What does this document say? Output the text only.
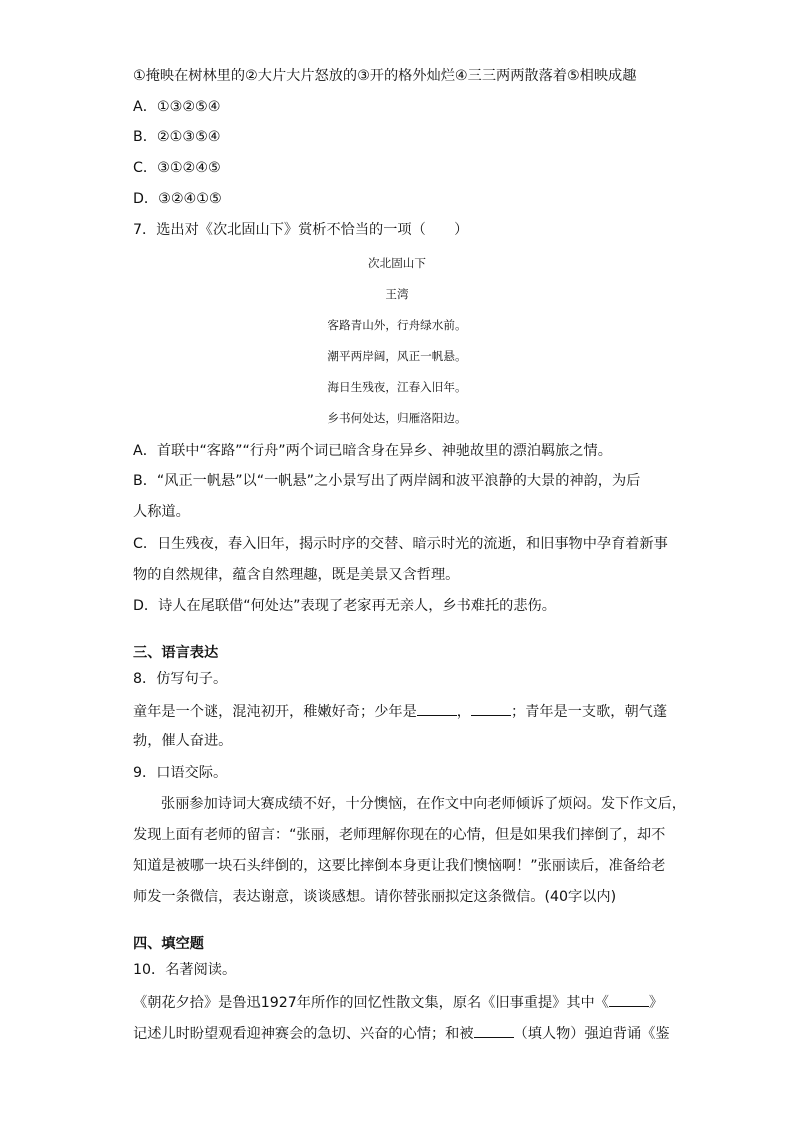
①掩映在树林里的②大片大片怒放的③开的格外灿烂④三三两两散落着⑤相映成趣
A．①③②⑤④
B．②①③⑤④
C．③①②④⑤
D．③②④①⑤
7．选出对《次北固山下》赏析不恰当的一项（　　）
次北固山下
王湾
客路青山外，行舟绿水前。
潮平两岸阔，风正一帆悬。
海日生残夜，江春入旧年。
乡书何处达，归雁洛阳边。
A．首联中“客路”“行舟”两个词已暗含身在异乡、神驰故里的漂泊羁旅之情。
B．“风正一帆悬”以“一帆悬”之小景写出了两岸阔和波平浪静的大景的神韵，为后
人称道。
C．日生残夜，春入旧年，揭示时序的交替、暗示时光的流逝，和旧事物中孕育着新事
物的自然规律，蕴含自然理趣，既是美景又含哲理。
D．诗人在尾联借“何处达”表现了老家再无亲人，乡书难托的悲伤。
三、语言表达
8．仿写句子。
童年是一个谜，混沌初开，稚嫩好奇；少年是	，	；青年是一支歌，朝气蓬
勃，催人奋进。
9．口语交际。
张丽参加诗词大赛成绩不好，十分懊恼，在作文中向老师倾诉了烦闷。发下作文后，
发现上面有老师的留言：“张丽，老师理解你现在的心情，但是如果我们摔倒了，却不
知道是被哪一块石头绊倒的，这要比摔倒本身更让我们懊恼啊！”张丽读后，准备给老
师发一条微信，表达谢意，谈谈感想。请你替张丽拟定这条微信。(40字以内)
四、填空题
10．名著阅读。
《朝花夕拾》是鲁迅1927年所作的回忆性散文集，原名《旧事重提》其中《	》
记述儿时盼望观看迎神赛会的急切、兴奋的心情；和被	（填人物）强迫背诵《鉴
